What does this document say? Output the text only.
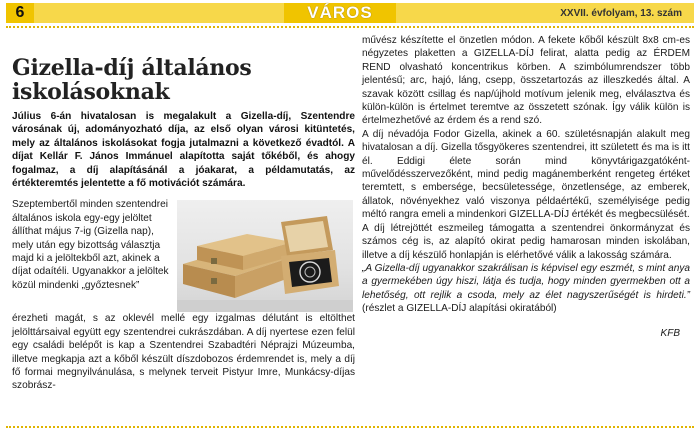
6	VÁROS	XXVII. évfolyam, 13. szám
Gizella-díj általános iskolásoknak

Július 6-án hivatalosan is megalakult a Gizella-díj, Szentendre városának új, adományozható díja, az első olyan városi kitüntetés, mely az általános iskolásokat fogja jutalmazni a következő évadtól. A díjat Kellár F. János Immánuel alapította saját tőkéből, és ahogy fogalmaz, a díj alapításánál a jóakarat, a példamutatás, az értékteremtés jelentette a fő motivációt számára.

Szeptembertől minden szentendrei általános iskola egy-egy jelöltet állíthat május 7-ig (Gizella nap), mely után egy bizottság választja majd ki a jelöltekből azt, akinek a díjat odaítéli. Ugyanakkor a jelöltek közül mindenki „győztesnek”

érezheti magát, s az oklevél mellé egy izgalmas délutánt is eltölthet jelölttársaival együtt egy szentendrei cukrászdában. A díj nyertese ezen felül egy családi belépőt is kap a Szentendrei Szabadtéri Néprajzi Múzeumba, illetve megkapja azt a kőből készült díszdobozos érdemrendet is, mely a díj fő formai megnyilvánulása, s melynek terveit Pistyur Imre, Munkácsy-díjas szobrász-

művész készítette el önzetlen módon. A fekete kőből készült 8x8 cm-es négyzetes plaketten a GIZELLA-DÍJ felirat, alatta pedig az ÉRDEM REND olvasható koncentrikus körben. A szimbólumrendszer több jelentésű; arc, hajó, láng, csepp, összetartozás az illeszkedés által. A szavak között csillag és nap/újhold motívum jelenik meg, elválasztva és külön-külön is értelmet teremtve az összetett szónak. Így válik külön is értelmezhetővé az érdem és a rend szó.

A díj névadója Fodor Gizella, akinek a 60. születésnapján alakult meg hivatalosan a díj. Gizella tősgyökeres szentendrei, itt született és ma is itt él. Eddigi élete során mind könyvtárigazgatóként-művelődésszervezőként, mind pedig magánemberként rengeteg értéket teremtett, s embersége, becsületessége, önzetlensége, az emberek, állatok, növényekhez való viszonya példaértékű, személyisége pedig méltó rangra emeli a mindenkori GIZELLA-DÍJ értékét és megbecsülését.

A díj létrejöttét eszmeileg támogatta a szentendrei önkormányzat és számos cég is, az alapító okirat pedig hamarosan minden iskolában, illetve a díj készülő honlapján is elérhetővé válik a lakosság számára.

„A Gizella-díj ugyanakkor szakrálisan is képvisel egy eszmét, s mint anya a gyermekében úgy hiszi, látja és tudja, hogy minden gyermekben ott a lehetőség, ott rejlik a csoda, mely az élet nagyszerűségét is hirdeti.” (részlet a GIZELLA-DÍJ alapítási okiratából)

KFB
